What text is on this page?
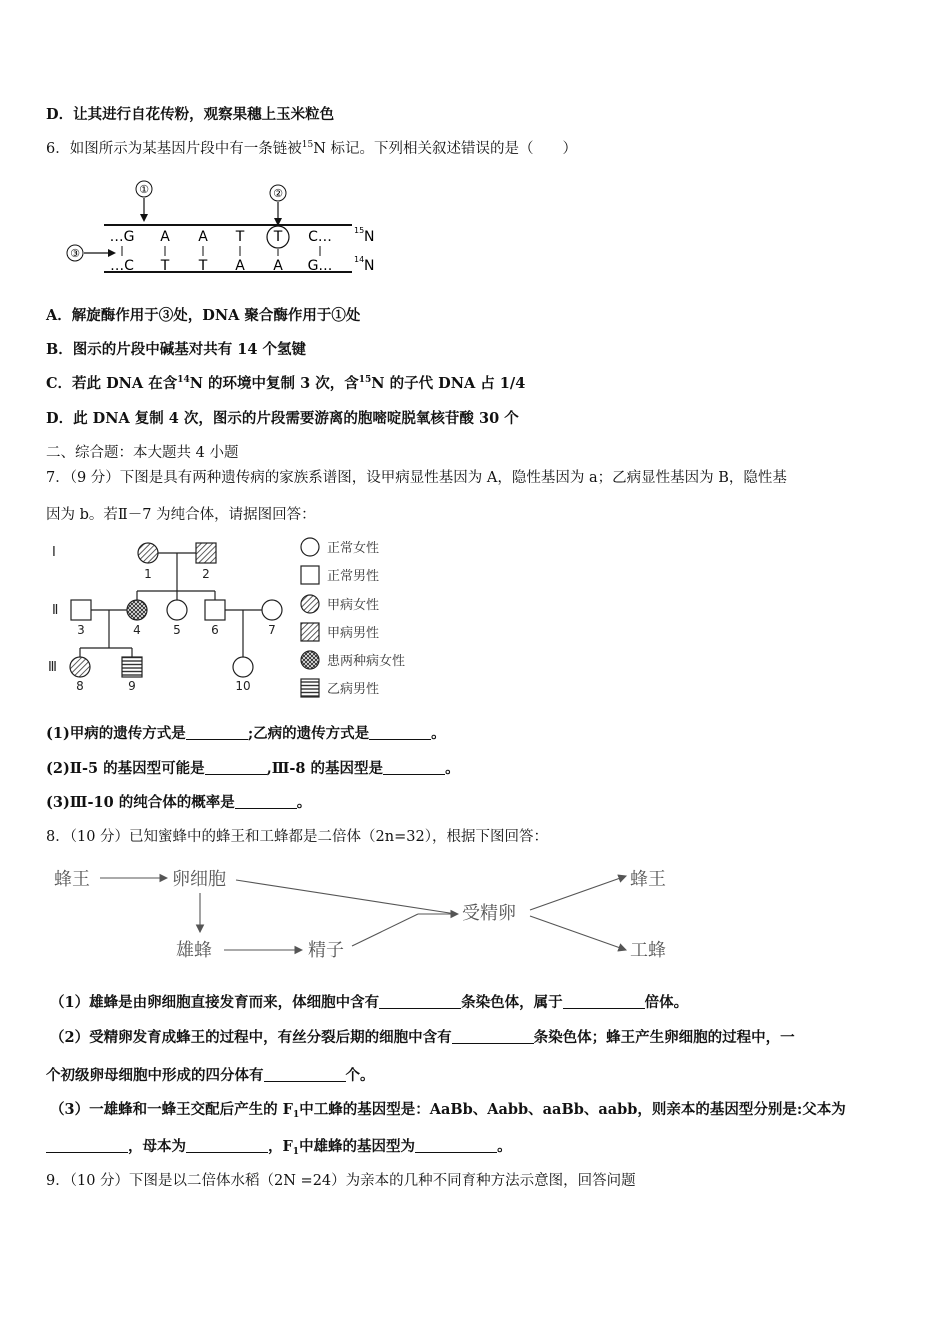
D．让其进行自花传粉，观察果穗上玉米粒色
6．如图所示为某基因片段中有一条链被$^{15}$N 标记。下列相关叙述错误的是（　　）
①	②
③
…G A A T T C…
…C T T A A G…
15 N
14 N
A．解旋酶作用于③处，DNA 聚合酶作用于①处
B．图示的片段中碱基对共有 14 个氢键
C．若此 DNA 在含$^{14}$N 的环境中复制 3 次，含$^{15}$N 的子代 DNA 占 1/4
D．此 DNA 复制 4 次，图示的片段需要游离的胞嘧啶脱氧核苷酸 30 个
二、综合题：本大题共 4 小题
7．（9 分）下图是具有两种遗传病的家族系谱图，设甲病显性基因为 A，隐性基因为 a；乙病显性基因为 B，隐性基
因为 b。若Ⅱ－7 为纯合体，请据图回答：
Ⅰ
Ⅱ
Ⅲ
1	2
3	4	5	6	7
8	9	10
正常女性
正常男性
甲病女性
甲病男性
患两种病女性
乙病男性
(1)甲病的遗传方式是	;乙病的遗传方式是	。
(2)Ⅱ-5 的基因型可能是	,Ⅲ-8 的基因型是	。
(3)Ⅲ-10 的纯合体的概率是	。
8．（10 分）已知蜜蜂中的蜂王和工蜂都是二倍体（2n=32），根据下图回答：
蜂王	卵细胞
雄蜂	精子
受精卵
蜂王
工蜂
（1）雄蜂是由卵细胞直接发育而来，体细胞中含有	条染色体，属于	倍体。
（2）受精卵发育成蜂王的过程中，有丝分裂后期的细胞中含有	条染色体；蜂王产生卵细胞的过程中，一
个初级卵母细胞中形成的四分体有	个。
（3）一雄蜂和一蜂王交配后产生的 $F_1$中工蜂的基因型是：AaBb、Aabb、aaBb、aabb，则亲本的基因型分别是:父本为
，母本为	，$F_1$中雄蜂的基因型为	。
9．（10 分）下图是以二倍体水稻（2N =24）为亲本的几种不同育种方法示意图，回答问题
